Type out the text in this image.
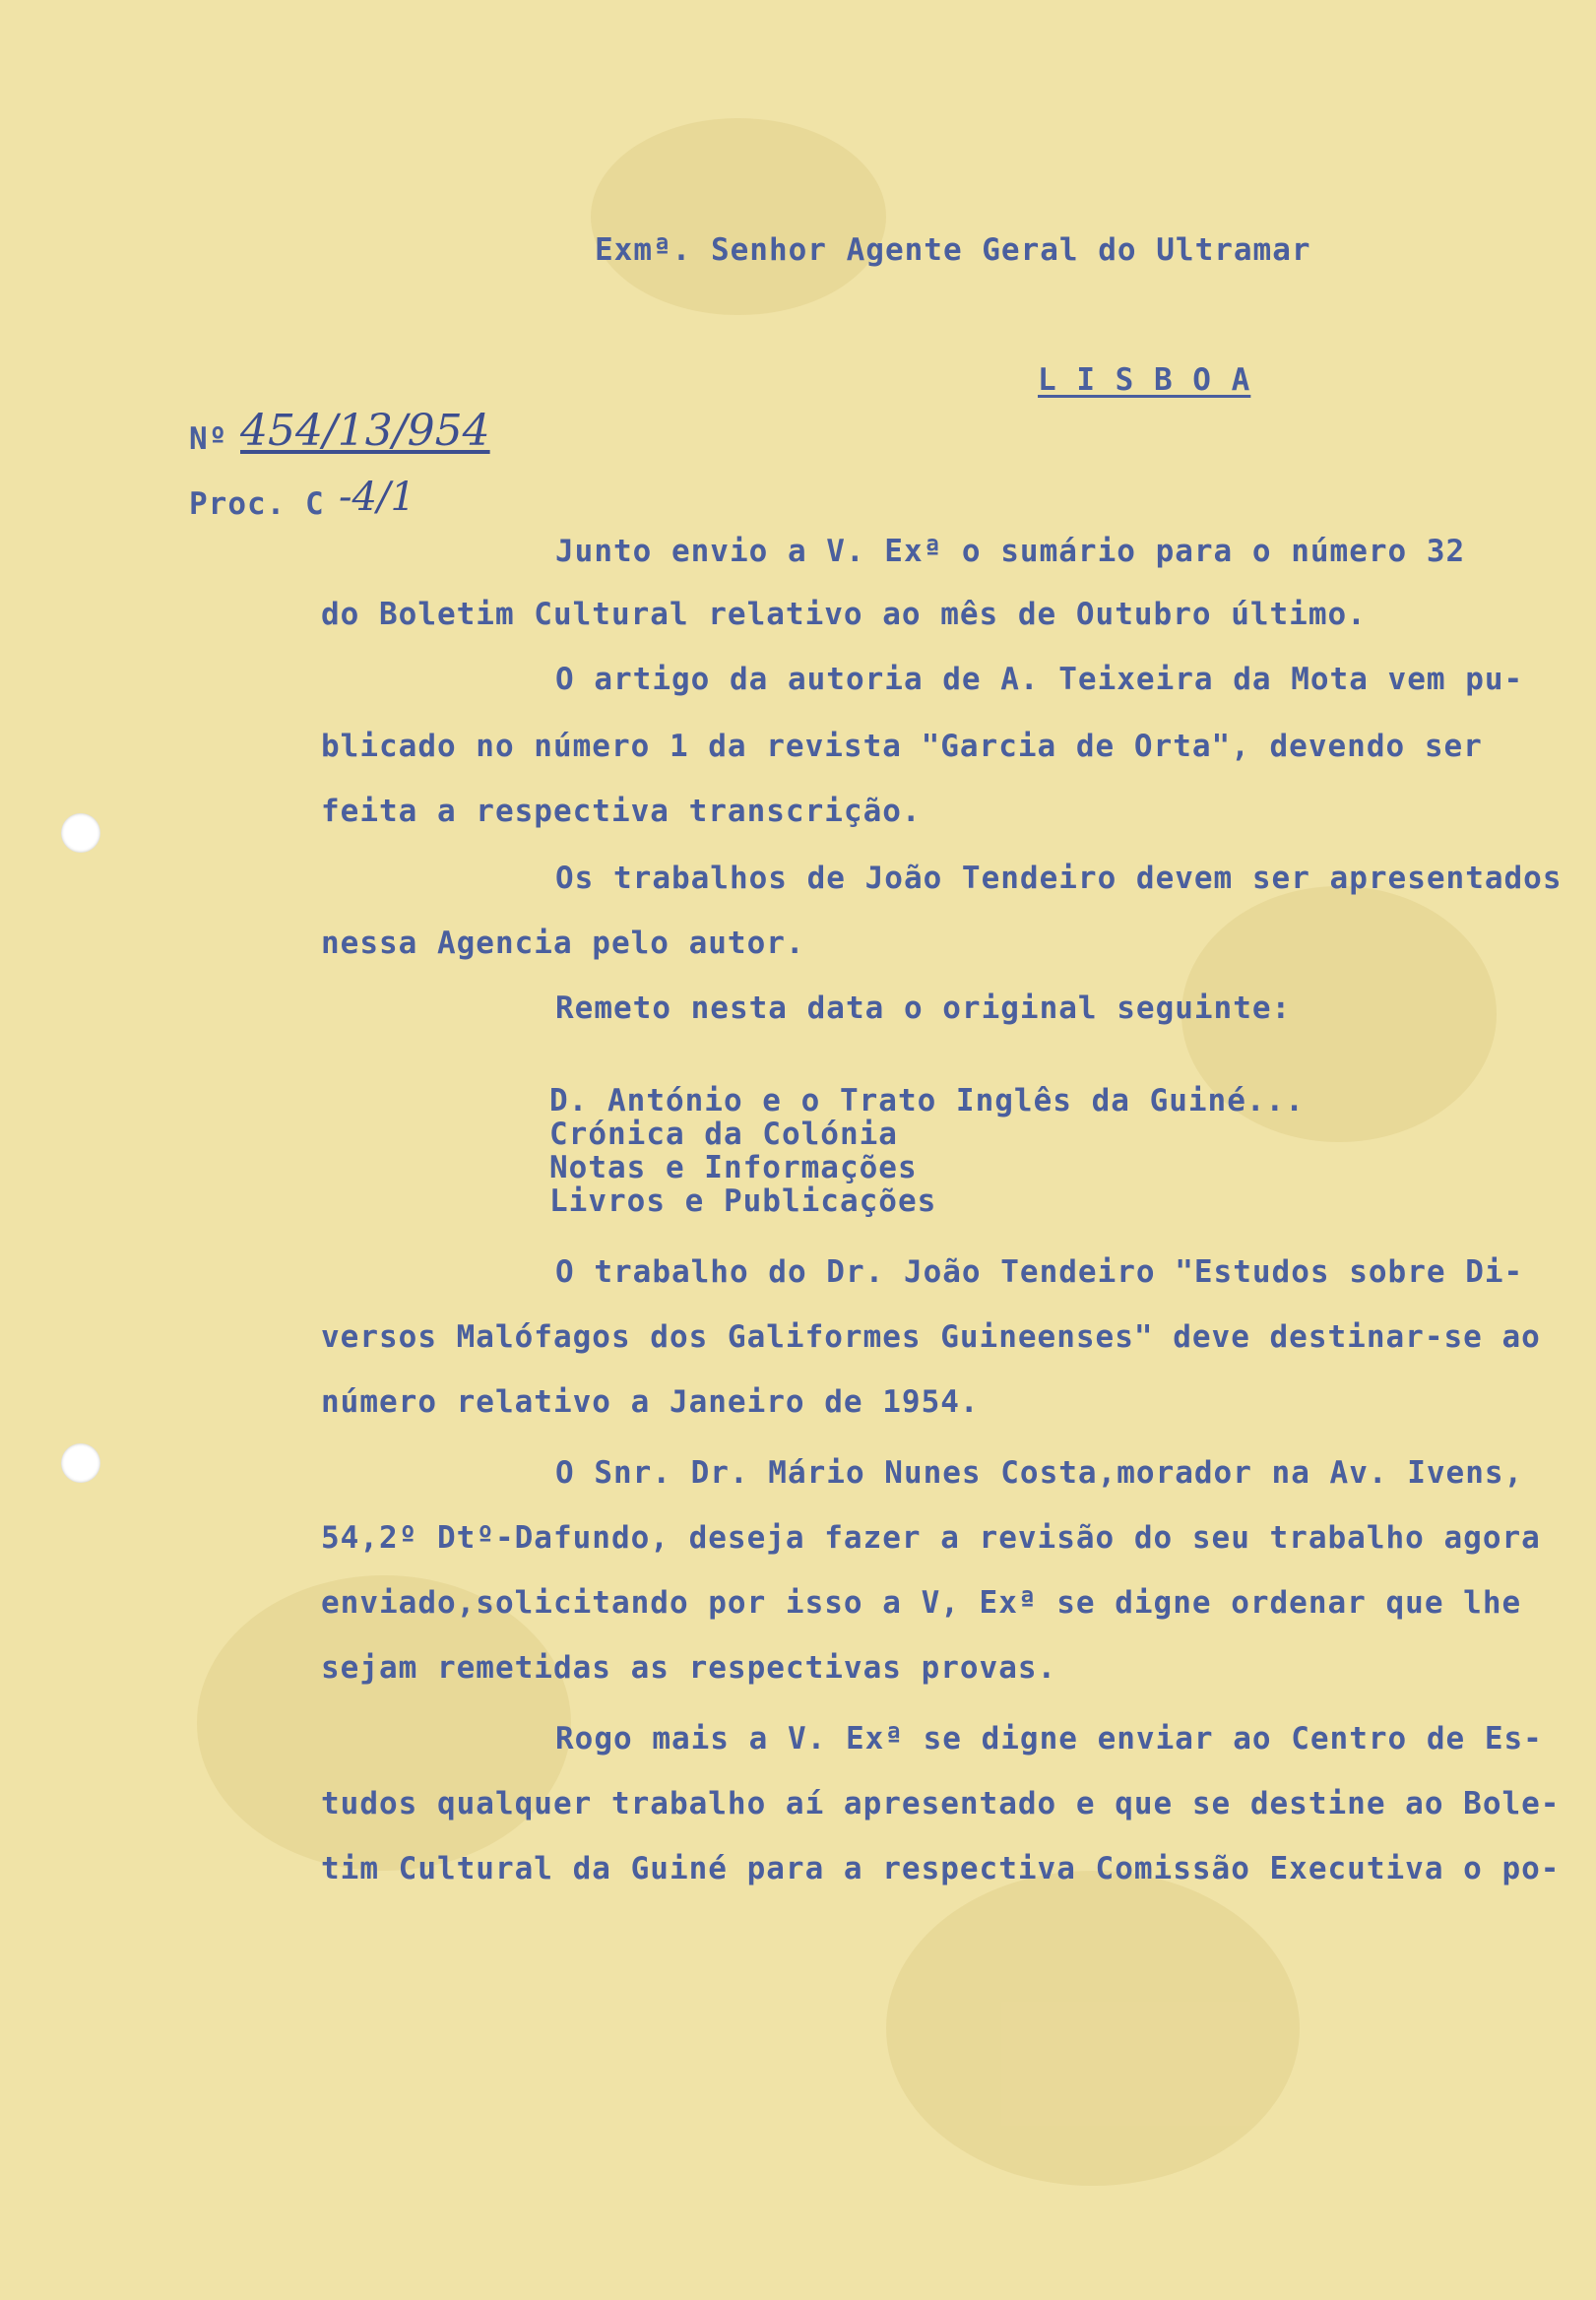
Exmª. Senhor Agente Geral do Ultramar
L I S B O A
Nº 454/13/954
Proc. C -4/1
Junto envio a V. Exª o sumário para o número 32
do Boletim Cultural relativo ao mês de Outubro último.
O artigo da autoria de A. Teixeira da Mota vem pu-
blicado no número 1 da revista "Garcia de Orta", devendo ser
feita a respectiva transcrição.
Os trabalhos de João Tendeiro devem ser apresentados
nessa Agencia pelo autor.
Remeto nesta data o original seguinte:
D. António e o Trato Inglês da Guiné...
Crónica da Colónia
Notas e Informações
Livros e Publicações
O trabalho do Dr. João Tendeiro "Estudos sobre Di-
versos Malófagos dos Galiformes Guineenses" deve destinar-se ao
número relativo a Janeiro de 1954.
O Snr. Dr. Mário Nunes Costa,morador na Av. Ivens,
54,2º Dtº-Dafundo, deseja fazer a revisão do seu trabalho agora
enviado,solicitando por isso a V, Exª se digne ordenar que lhe
sejam remetidas as respectivas provas.
Rogo mais a V. Exª se digne enviar ao Centro de Es-
tudos qualquer trabalho aí apresentado e que se destine ao Bole-
tim Cultural da Guiné para a respectiva Comissão Executiva o po-
